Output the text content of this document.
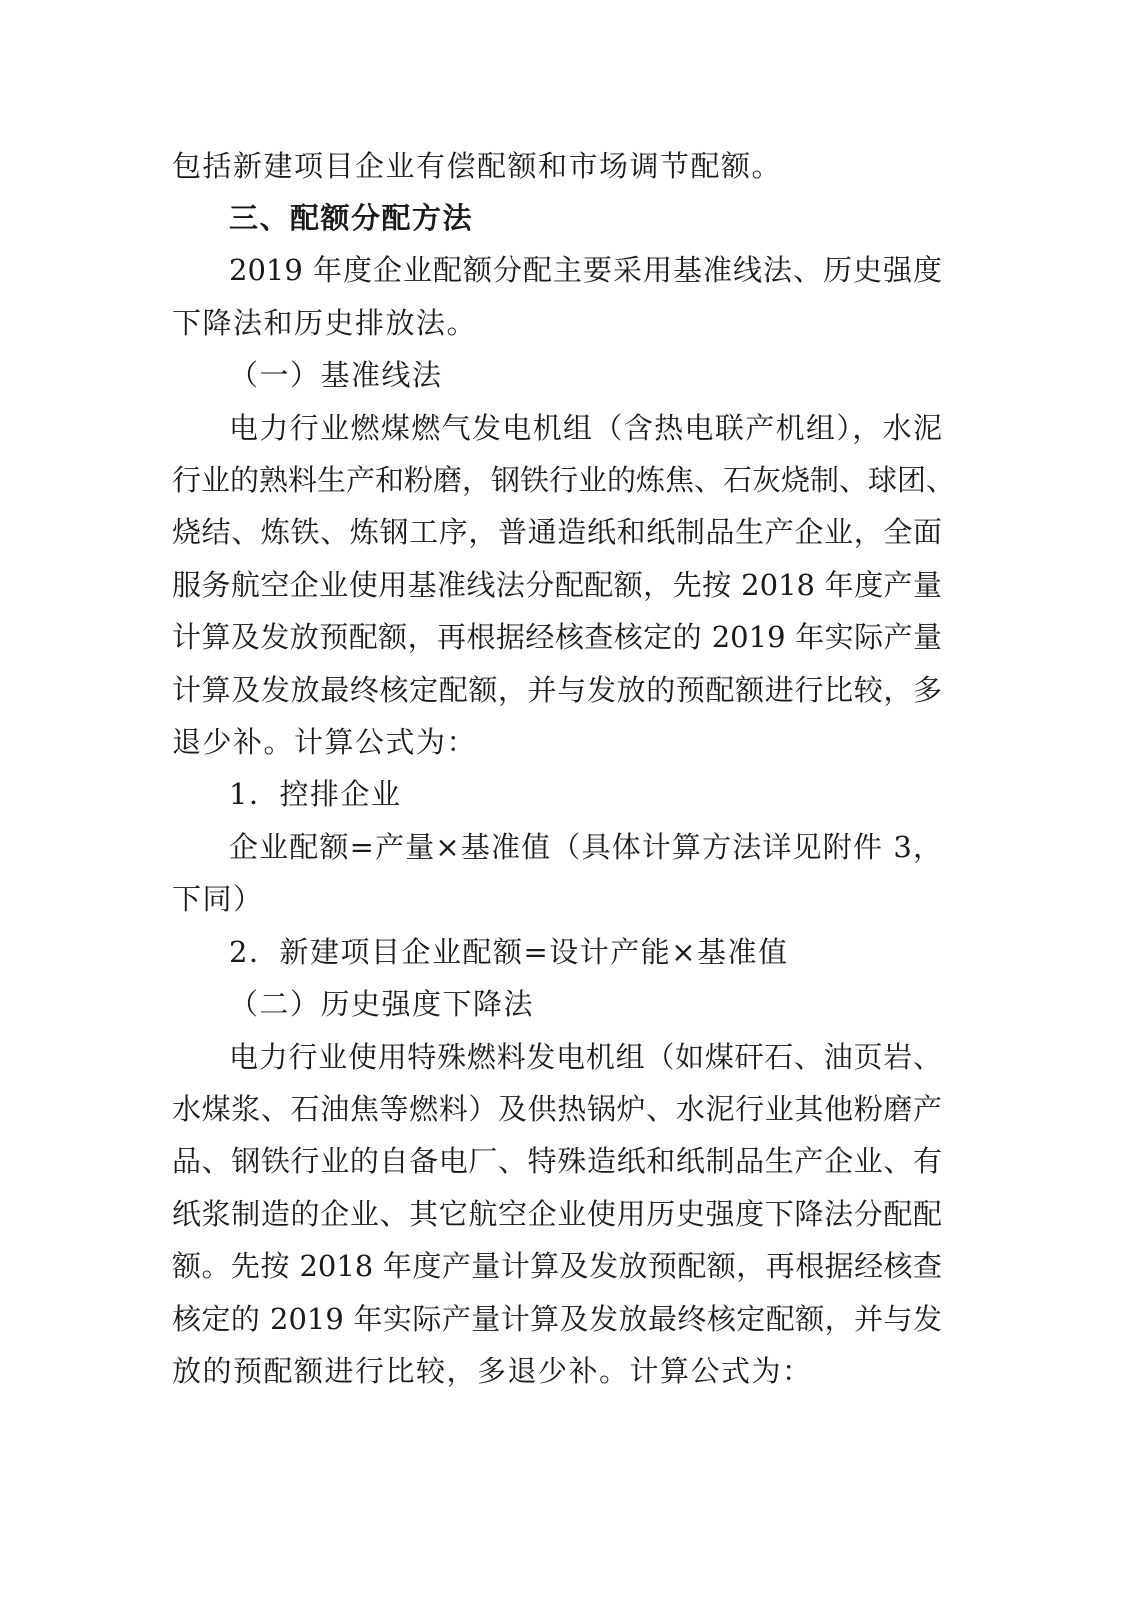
包括新建项目企业有偿配额和市场调节配额。
三、配额分配方法
2019 年度企业配额分配主要采用基准线法、历史强度
下降法和历史排放法。
（一）基准线法
电力行业燃煤燃气发电机组（含热电联产机组），水泥
行业的熟料生产和粉磨，钢铁行业的炼焦、石灰烧制、球团、
烧结、炼铁、炼钢工序，普通造纸和纸制品生产企业，全面
服务航空企业使用基准线法分配配额，先按 2018 年度产量
计算及发放预配额，再根据经核查核定的 2019 年实际产量
计算及发放最终核定配额，并与发放的预配额进行比较，多
退少补。计算公式为：
1．控排企业
企业配额=产量×基准值（具体计算方法详见附件 3，
下同）
2．新建项目企业配额=设计产能×基准值
（二）历史强度下降法
电力行业使用特殊燃料发电机组（如煤矸石、油页岩、
水煤浆、石油焦等燃料）及供热锅炉、水泥行业其他粉磨产
品、钢铁行业的自备电厂、特殊造纸和纸制品生产企业、有
纸浆制造的企业、其它航空企业使用历史强度下降法分配配
额。先按 2018 年度产量计算及发放预配额，再根据经核查
核定的 2019 年实际产量计算及发放最终核定配额，并与发
放的预配额进行比较，多退少补。计算公式为：
